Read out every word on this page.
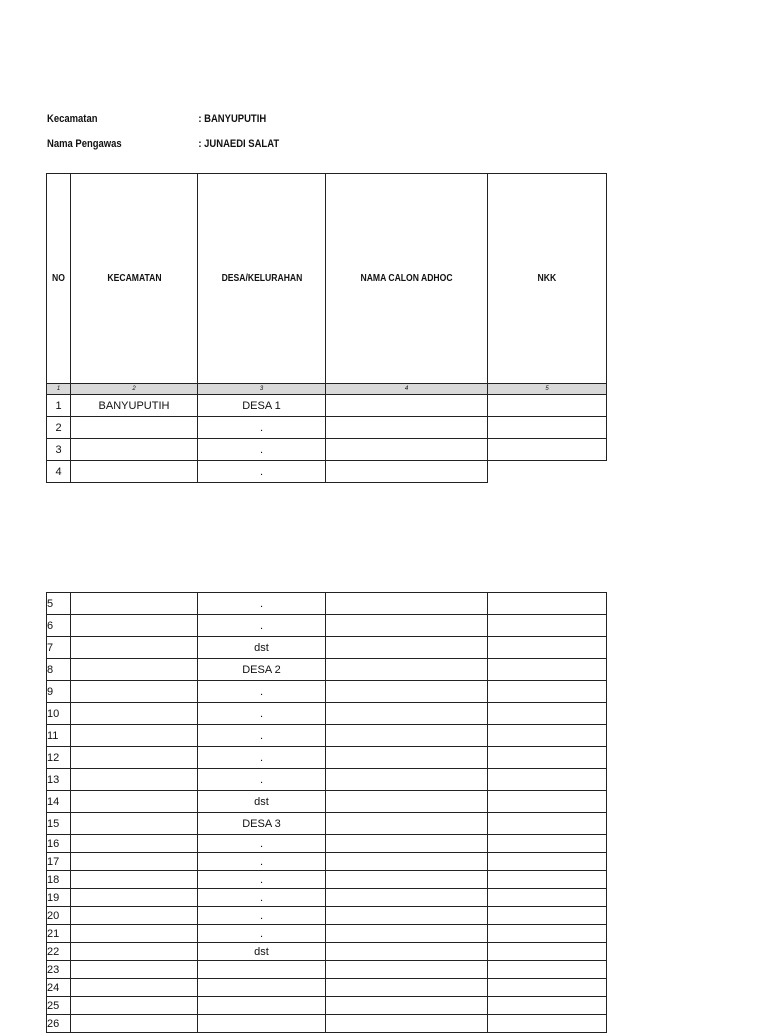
Kecamatan	: BANYUPUTIH
Nama Pengawas	: JUNAEDI SALAT
NO	KECAMATAN	DESA/KELURAHAN	NAMA CALON ADHOC	NKK
1	2	3	4	5
1	BANYUPUTIH	DESA 1		
2		.		
3		.		
4		.		
5		.		
6		.		
7		dst		
8		DESA 2		
9		.		
10		.		
11		.		
12		.		
13		.		
14		dst		
15		DESA 3		
16		.		
17		.		
18		.		
19		.		
20		.		
21		.		
22		dst		
23				
24				
25				
26				
